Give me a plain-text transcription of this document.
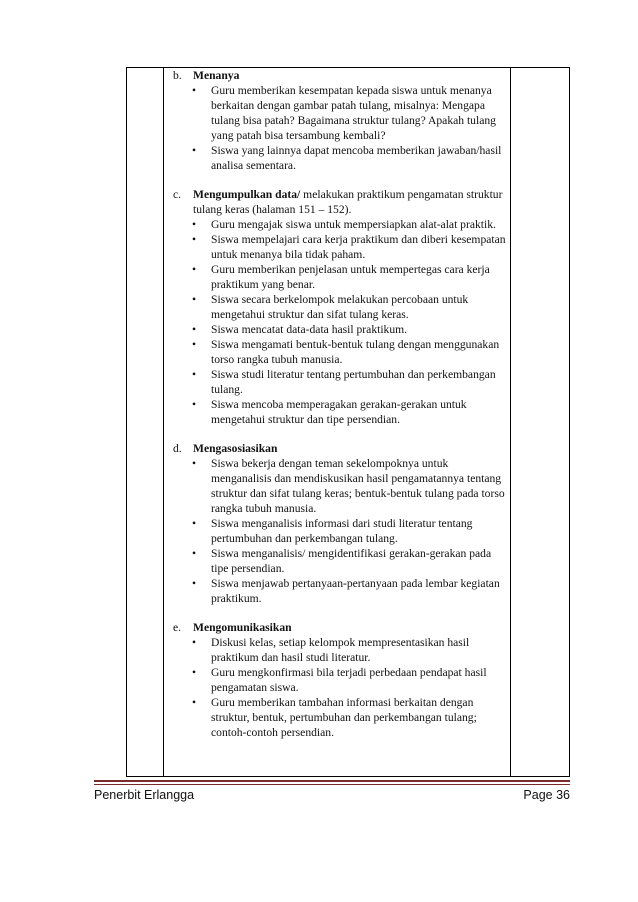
b. Menanya
• Guru memberikan kesempatan kepada siswa untuk menanya berkaitan dengan gambar patah tulang, misalnya: Mengapa tulang bisa patah? Bagaimana struktur tulang? Apakah tulang yang patah bisa tersambung kembali?
• Siswa yang lainnya dapat mencoba memberikan jawaban/hasil analisa sementara.
c.	Mengumpulkan data/ melakukan praktikum pengamatan struktur tulang keras (halaman 151 – 152).
• Guru mengajak siswa untuk mempersiapkan alat-alat praktik.
• Siswa mempelajari cara kerja praktikum dan diberi kesempatan untuk menanya bila tidak paham.
• Guru memberikan penjelasan untuk mempertegas cara kerja praktikum yang benar.
• Siswa secara berkelompok melakukan percobaan untuk mengetahui struktur dan sifat tulang keras.
• Siswa mencatat data-data hasil praktikum.
• Siswa mengamati bentuk-bentuk tulang dengan menggunakan torso rangka tubuh manusia.
• Siswa studi literatur tentang pertumbuhan dan perkembangan tulang.
• Siswa mencoba memperagakan gerakan-gerakan untuk mengetahui struktur dan tipe persendian.
d. Mengasosiasikan
• Siswa bekerja dengan teman sekelompoknya untuk menganalisis dan mendiskusikan hasil pengamatannya tentang struktur dan sifat tulang keras; bentuk-bentuk tulang pada torso rangka tubuh manusia.
• Siswa menganalisis informasi dari studi literatur tentang pertumbuhan dan perkembangan tulang.
• Siswa menganalisis/ mengidentifikasi gerakan-gerakan pada tipe persendian.
• Siswa menjawab pertanyaan-pertanyaan pada lembar kegiatan praktikum.
e.	Mengomunikasikan
• Diskusi kelas, setiap kelompok mempresentasikan hasil praktikum dan hasil studi literatur.
• Guru mengkonfirmasi bila terjadi perbedaan pendapat hasil pengamatan siswa.
• Guru memberikan tambahan informasi berkaitan dengan struktur, bentuk, pertumbuhan dan perkembangan tulang; contoh-contoh persendian.
Penerbit Erlangga	Page 36
